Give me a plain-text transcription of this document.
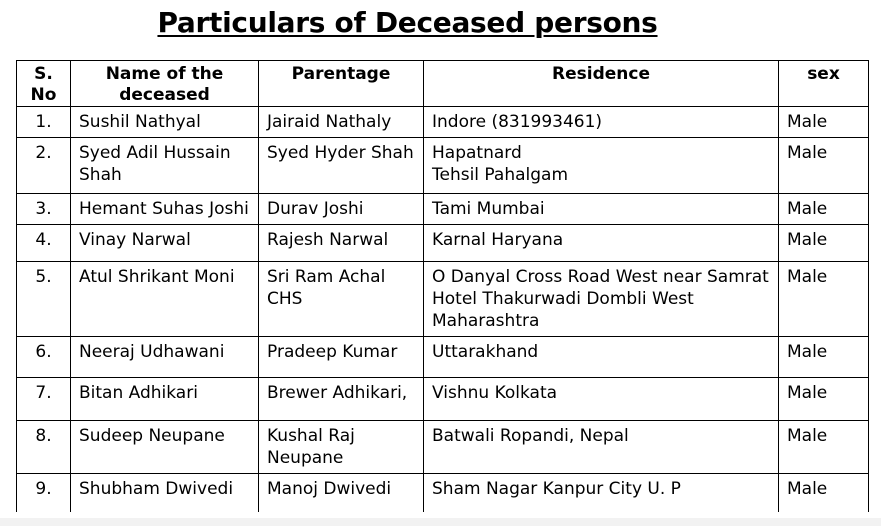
Particulars of Deceased persons
S.
No	Name of the
deceased	Parentage	Residence	sex
1.	Sushil Nathyal	Jairaid Nathaly	Indore (831993461)	Male
2.	Syed Adil Hussain
Shah	Syed Hyder Shah	Hapatnard
Tehsil Pahalgam	Male
3.	Hemant Suhas Joshi	Durav Joshi	Tami Mumbai	Male
4.	Vinay Narwal	Rajesh Narwal	Karnal Haryana	Male
5.	Atul Shrikant Moni	Sri Ram Achal
CHS	O Danyal Cross Road West near Samrat
Hotel Thakurwadi Dombli West
Maharashtra	Male
6.	Neeraj Udhawani	Pradeep Kumar	Uttarakhand	Male
7.	Bitan Adhikari	Brewer Adhikari,	Vishnu Kolkata	Male
8.	Sudeep Neupane	Kushal Raj
Neupane	Batwali Ropandi, Nepal	Male
9.	Shubham Dwivedi	Manoj Dwivedi	Sham Nagar Kanpur City U. P	Male
